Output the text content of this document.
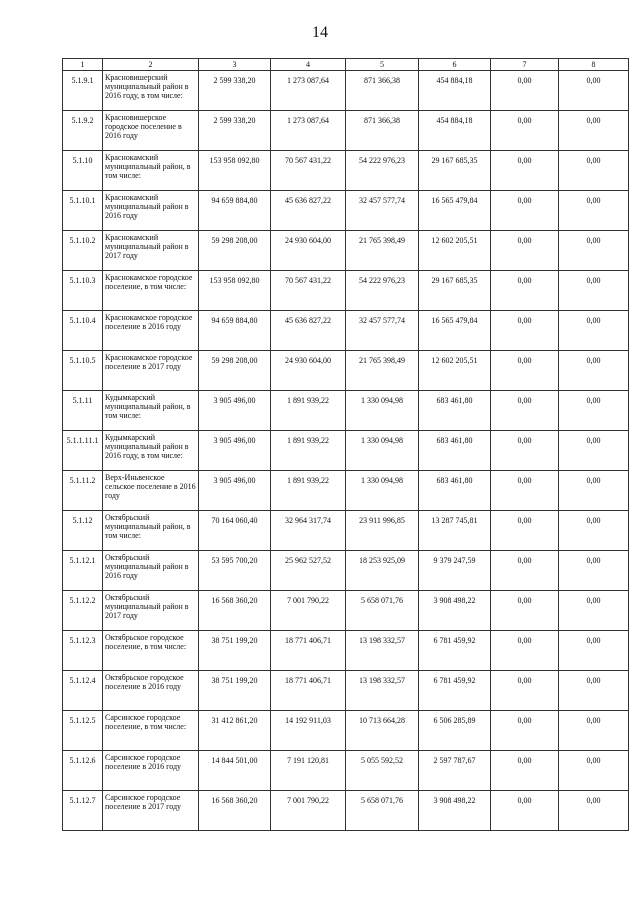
14
1	2	3	4	5	6	7	8
5.1.9.1	Красновишерский муниципальный район в 2016 году, в том числе:	2 599 338,20	1 273 087,64	871 366,38	454 884,18	0,00	0,00
5.1.9.2	Красновишерское городское поселение в 2016 году	2 599 338,20	1 273 087,64	871 366,38	454 884,18	0,00	0,00
5.1.10	Краснокамский муниципальный район, в том числе:	153 958 092,80	70 567 431,22	54 222 976,23	29 167 685,35	0,00	0,00
5.1.10.1	Краснокамский муниципальный район в 2016 году	94 659 884,80	45 636 827,22	32 457 577,74	16 565 479,84	0,00	0,00
5.1.10.2	Краснокамский муниципальный район в 2017 году	59 298 208,00	24 930 604,00	21 765 398,49	12 602 205,51	0,00	0,00
5.1.10.3	Краснокамское городское поселение, в том числе:	153 958 092,80	70 567 431,22	54 222 976,23	29 167 685,35	0,00	0,00
5.1.10.4	Краснокамское городское поселение в 2016 году	94 659 884,80	45 636 827,22	32 457 577,74	16 565 479,84	0,00	0,00
5.1.10.5	Краснокамское городское поселение в 2017 году	59 298 208,00	24 930 604,00	21 765 398,49	12 602 205,51	0,00	0,00
5.1.11	Кудымкарский муниципальный район, в том числе:	3 905 496,00	1 891 939,22	1 330 094,98	683 461,80	0,00	0,00
5.1.1.11.1	Кудымкарский муниципальный район в 2016 году, в том числе:	3 905 496,00	1 891 939,22	1 330 094,98	683 461,80	0,00	0,00
5.1.11.2	Верх-Иньвенское сельское поселение в 2016 году	3 905 496,00	1 891 939,22	1 330 094,98	683 461,80	0,00	0,00
5.1.12	Октябрьский муниципальный район, в том числе:	70 164 060,40	32 964 317,74	23 911 996,85	13 287 745,81	0,00	0,00
5.1.12.1	Октябрьский муниципальный район в 2016 году	53 595 700,20	25 962 527,52	18 253 925,09	9 379 247,59	0,00	0,00
5.1.12.2	Октябрьский муниципальный район в 2017 году	16 568 360,20	7 001 790,22	5 658 071,76	3 908 498,22	0,00	0,00
5.1.12.3	Октябрьское городское поселение, в том числе:	38 751 199,20	18 771 406,71	13 198 332,57	6 781 459,92	0,00	0,00
5.1.12.4	Октябрьское городское поселение в 2016 году	38 751 199,20	18 771 406,71	13 198 332,57	6 781 459,92	0,00	0,00
5.1.12.5	Сарсинское городское поселение, в том числе:	31 412 861,20	14 192 911,03	10 713 664,28	6 506 285,89	0,00	0,00
5.1.12.6	Сарсинское городское поселение в 2016 году	14 844 501,00	7 191 120,81	5 055 592,52	2 597 787,67	0,00	0,00
5.1.12.7	Сарсинское городское поселение в 2017 году	16 568 360,20	7 001 790,22	5 658 071,76	3 908 498,22	0,00	0,00
